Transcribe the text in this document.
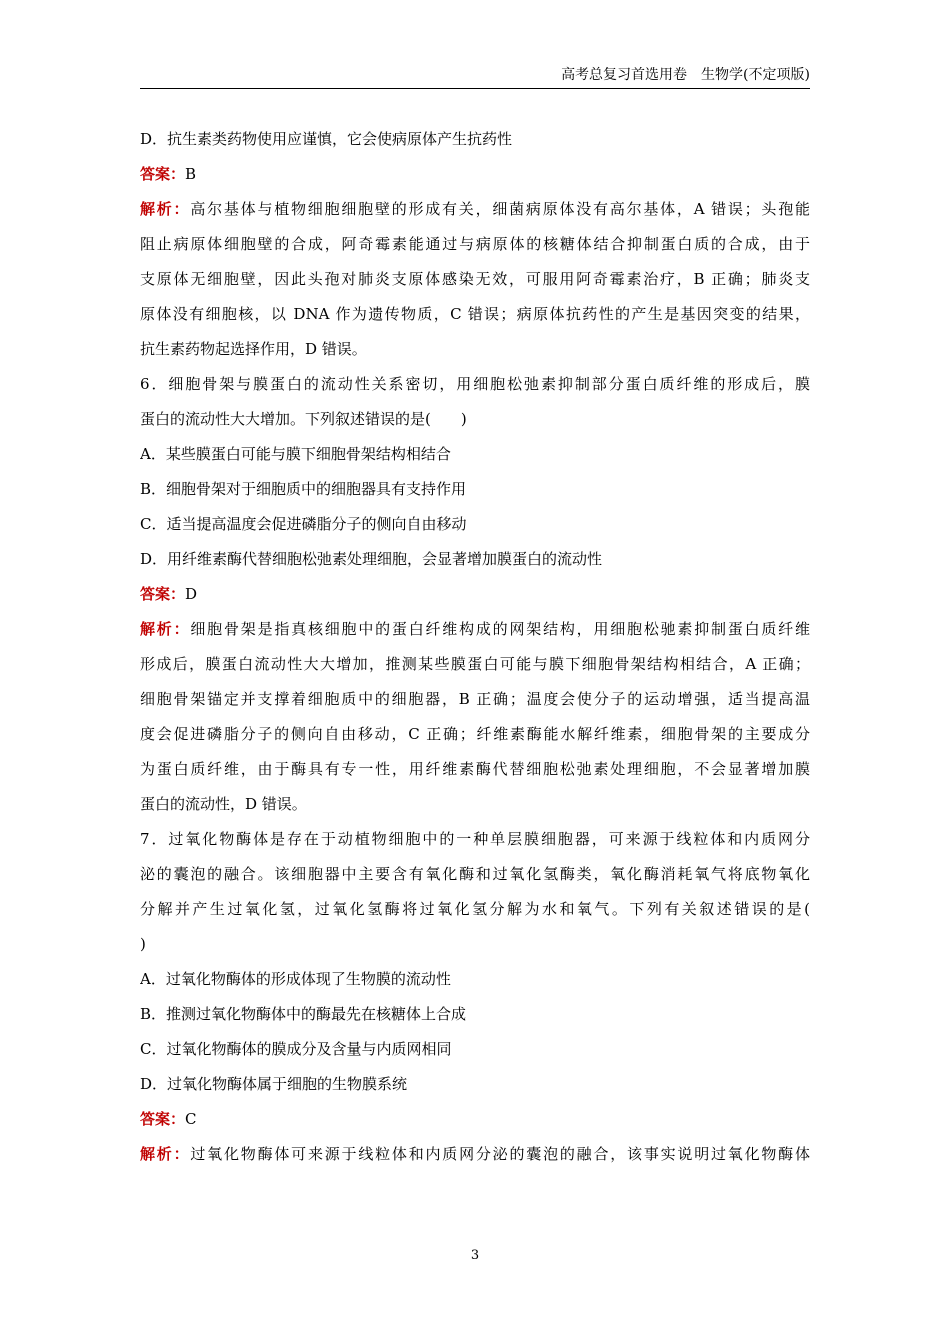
高考总复习首选用卷　生物学(不定项版)
D．抗生素类药物使用应谨慎，它会使病原体产生抗药性
答案：B
解析：高尔基体与植物细胞细胞壁的形成有关，细菌病原体没有高尔基体，A 错误；头孢能
阻止病原体细胞壁的合成，阿奇霉素能通过与病原体的核糖体结合抑制蛋白质的合成，由于
支原体无细胞壁，因此头孢对肺炎支原体感染无效，可服用阿奇霉素治疗，B 正确；肺炎支
原体没有细胞核，以 DNA 作为遗传物质，C 错误；病原体抗药性的产生是基因突变的结果，
抗生素药物起选择作用，D 错误。
6．细胞骨架与膜蛋白的流动性关系密切，用细胞松弛素抑制部分蛋白质纤维的形成后，膜
蛋白的流动性大大增加。下列叙述错误的是(　　)
A．某些膜蛋白可能与膜下细胞骨架结构相结合
B．细胞骨架对于细胞质中的细胞器具有支持作用
C．适当提高温度会促进磷脂分子的侧向自由移动
D．用纤维素酶代替细胞松弛素处理细胞，会显著增加膜蛋白的流动性
答案：D
解析：细胞骨架是指真核细胞中的蛋白纤维构成的网架结构，用细胞松驰素抑制蛋白质纤维
形成后，膜蛋白流动性大大增加，推测某些膜蛋白可能与膜下细胞骨架结构相结合，A 正确；
细胞骨架锚定并支撑着细胞质中的细胞器，B 正确；温度会使分子的运动增强，适当提高温
度会促进磷脂分子的侧向自由移动，C 正确；纤维素酶能水解纤维素，细胞骨架的主要成分
为蛋白质纤维，由于酶具有专一性，用纤维素酶代替细胞松弛素处理细胞，不会显著增加膜
蛋白的流动性，D 错误。
7．过氧化物酶体是存在于动植物细胞中的一种单层膜细胞器，可来源于线粒体和内质网分
泌的囊泡的融合。该细胞器中主要含有氧化酶和过氧化氢酶类，氧化酶消耗氧气将底物氧化
分解并产生过氧化氢，过氧化氢酶将过氧化氢分解为水和氧气。下列有关叙述错误的是(
)
A．过氧化物酶体的形成体现了生物膜的流动性
B．推测过氧化物酶体中的酶最先在核糖体上合成
C．过氧化物酶体的膜成分及含量与内质网相同
D．过氧化物酶体属于细胞的生物膜系统
答案：C
解析：过氧化物酶体可来源于线粒体和内质网分泌的囊泡的融合，该事实说明过氧化物酶体
3
